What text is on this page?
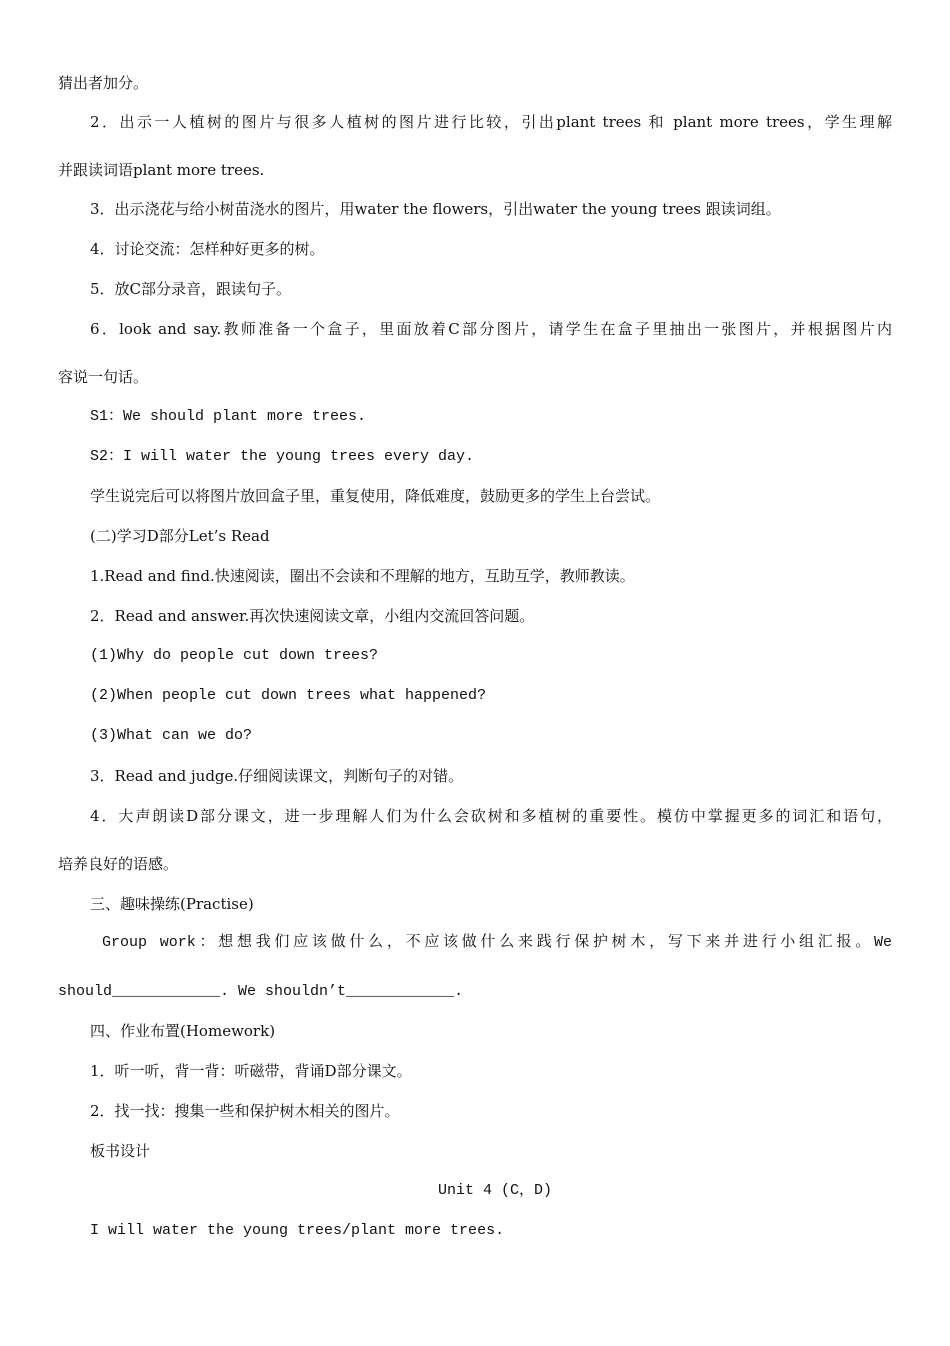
猜出者加分。
2．出示一人植树的图片与很多人植树的图片进行比较，引出plant trees 和 plant more trees，学生理解
并跟读词语plant more trees.
3．出示浇花与给小树苗浇水的图片，用water the flowers，引出water the young trees 跟读词组。
4．讨论交流：怎样种好更多的树。
5．放C部分录音，跟读句子。
6．look and say.教师准备一个盒子，里面放着C部分图片，请学生在盒子里抽出一张图片，并根据图片内
容说一句话。
S1：We should plant more trees.
S2：I will water the young trees every day.
学生说完后可以将图片放回盒子里，重复使用，降低难度，鼓励更多的学生上台尝试。
(二)学习D部分Let’s Read
1.Read and find.快速阅读，圈出不会读和不理解的地方，互助互学，教师教读。
2．Read and answer.再次快速阅读文章，小组内交流回答问题。
(1)Why do people cut down trees?
(2)When people cut down trees what happened?
(3)What can we do?
3．Read and judge.仔细阅读课文，判断句子的对错。
4．大声朗读D部分课文，进一步理解人们为什么会砍树和多植树的重要性。模仿中掌握更多的词汇和语句，
培养良好的语感。
三、趣味操练(Practise)
Group work：想想我们应该做什么，不应该做什么来践行保护树木，写下来并进行小组汇报。We
should____________. We shouldn’t____________.
四、作业布置(Homework)
1．听一听，背一背：听磁带，背诵D部分课文。
2．找一找：搜集一些和保护树木相关的图片。
板书设计
Unit 4 (C，D)
I will water the young trees/plant more trees.
